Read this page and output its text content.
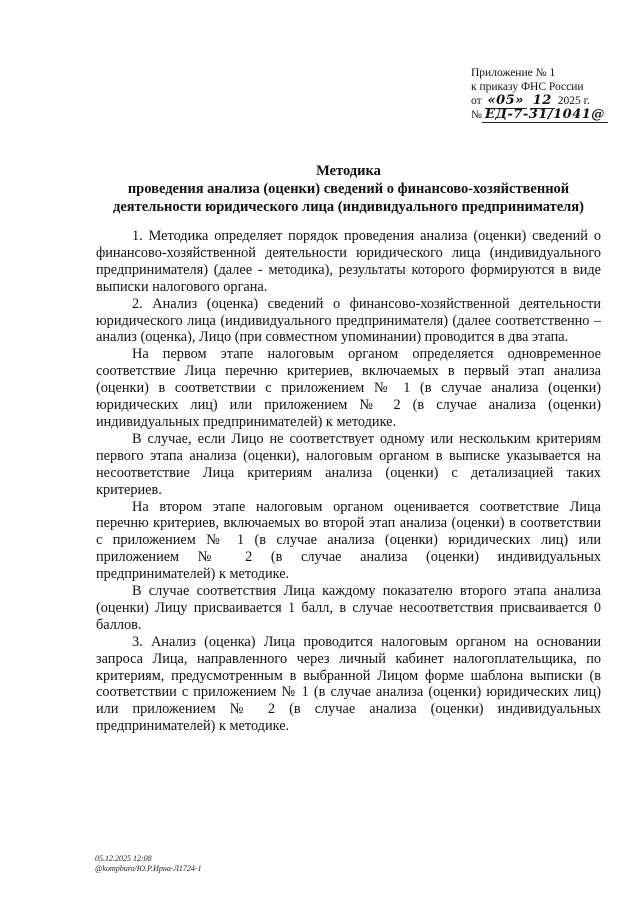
Приложение № 1
к приказу ФНС России
от «05» 12 2025 г.
№ ЕД-7-31/1041@
Методика
проведения анализа (оценки) сведений о финансово-хозяйственной
деятельности юридического лица (индивидуального предпринимателя)

1. Методика определяет порядок проведения анализа (оценки) сведений о финансово-хозяйственной деятельности юридического лица (индивидуального предпринимателя) (далее - методика), результаты которого формируются в виде выписки налогового органа.

2. Анализ (оценка) сведений о финансово-хозяйственной деятельности юридического лица (индивидуального предпринимателя) (далее соответственно – анализ (оценка), Лицо (при совместном упоминании) проводится в два этапа.

На первом этапе налоговым органом определяется одновременное соответствие Лица перечню критериев, включаемых в первый этап анализа (оценки) в соответствии с приложением № 1 (в случае анализа (оценки) юридических лиц) или приложением № 2 (в случае анализа (оценки) индивидуальных предпринимателей) к методике.

В случае, если Лицо не соответствует одному или нескольким критериям первого этапа анализа (оценки), налоговым органом в выписке указывается на несоответствие Лица критериям анализа (оценки) с детализацией таких критериев.

На втором этапе налоговым органом оценивается соответствие Лица перечню критериев, включаемых во второй этап анализа (оценки) в соответствии с приложением № 1 (в случае анализа (оценки) юридических лиц) или приложением № 2 (в случае анализа (оценки) индивидуальных предпринимателей) к методике.

В случае соответствия Лица каждому показателю второго этапа анализа (оценки) Лицу присваивается 1 балл, в случае несоответствия присваивается 0 баллов.

3. Анализ (оценка) Лица проводится налоговым органом на основании запроса Лица, направленного через личный кабинет налогоплательщика, по критериям, предусмотренным в выбранной Лицом форме шаблона выписки (в соответствии с приложением № 1 (в случае анализа (оценки) юридических лиц) или приложением № 2 (в случае анализа (оценки) индивидуальных предпринимателей) к методике.

05.12.2025 12:08
@kompburo/Ю.Р.Ирна-Л1724-1
